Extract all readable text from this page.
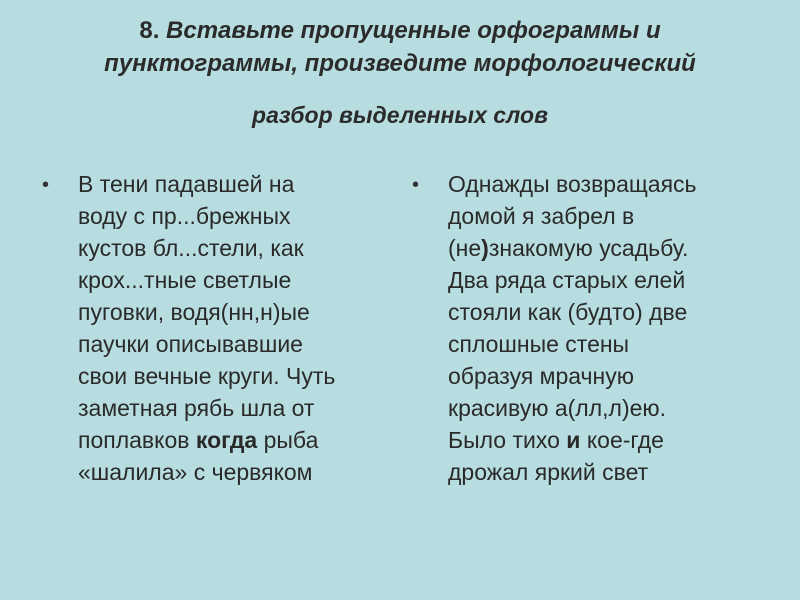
8. Вставьте пропущенные орфограммы и
пунктограммы, произведите морфологический
разбор выделенных слов
• В тени падавшей на
воду с пр...брежных
кустов бл...стели, как
крох...тные светлые
пуговки, водя(нн,н)ые
паучки описывавшие
свои вечные круги. Чуть
заметная рябь шла от
поплавков когда рыба
«шалила» с червяком
• Однажды возвращаясь
домой я забрел в
(не)знакомую усадьбу.
Два ряда старых елей
стояли как (будто) две
сплошные стены
образуя мрачную
красивую а(лл,л)ею.
Было тихо и кое-где
дрожал яркий свет
